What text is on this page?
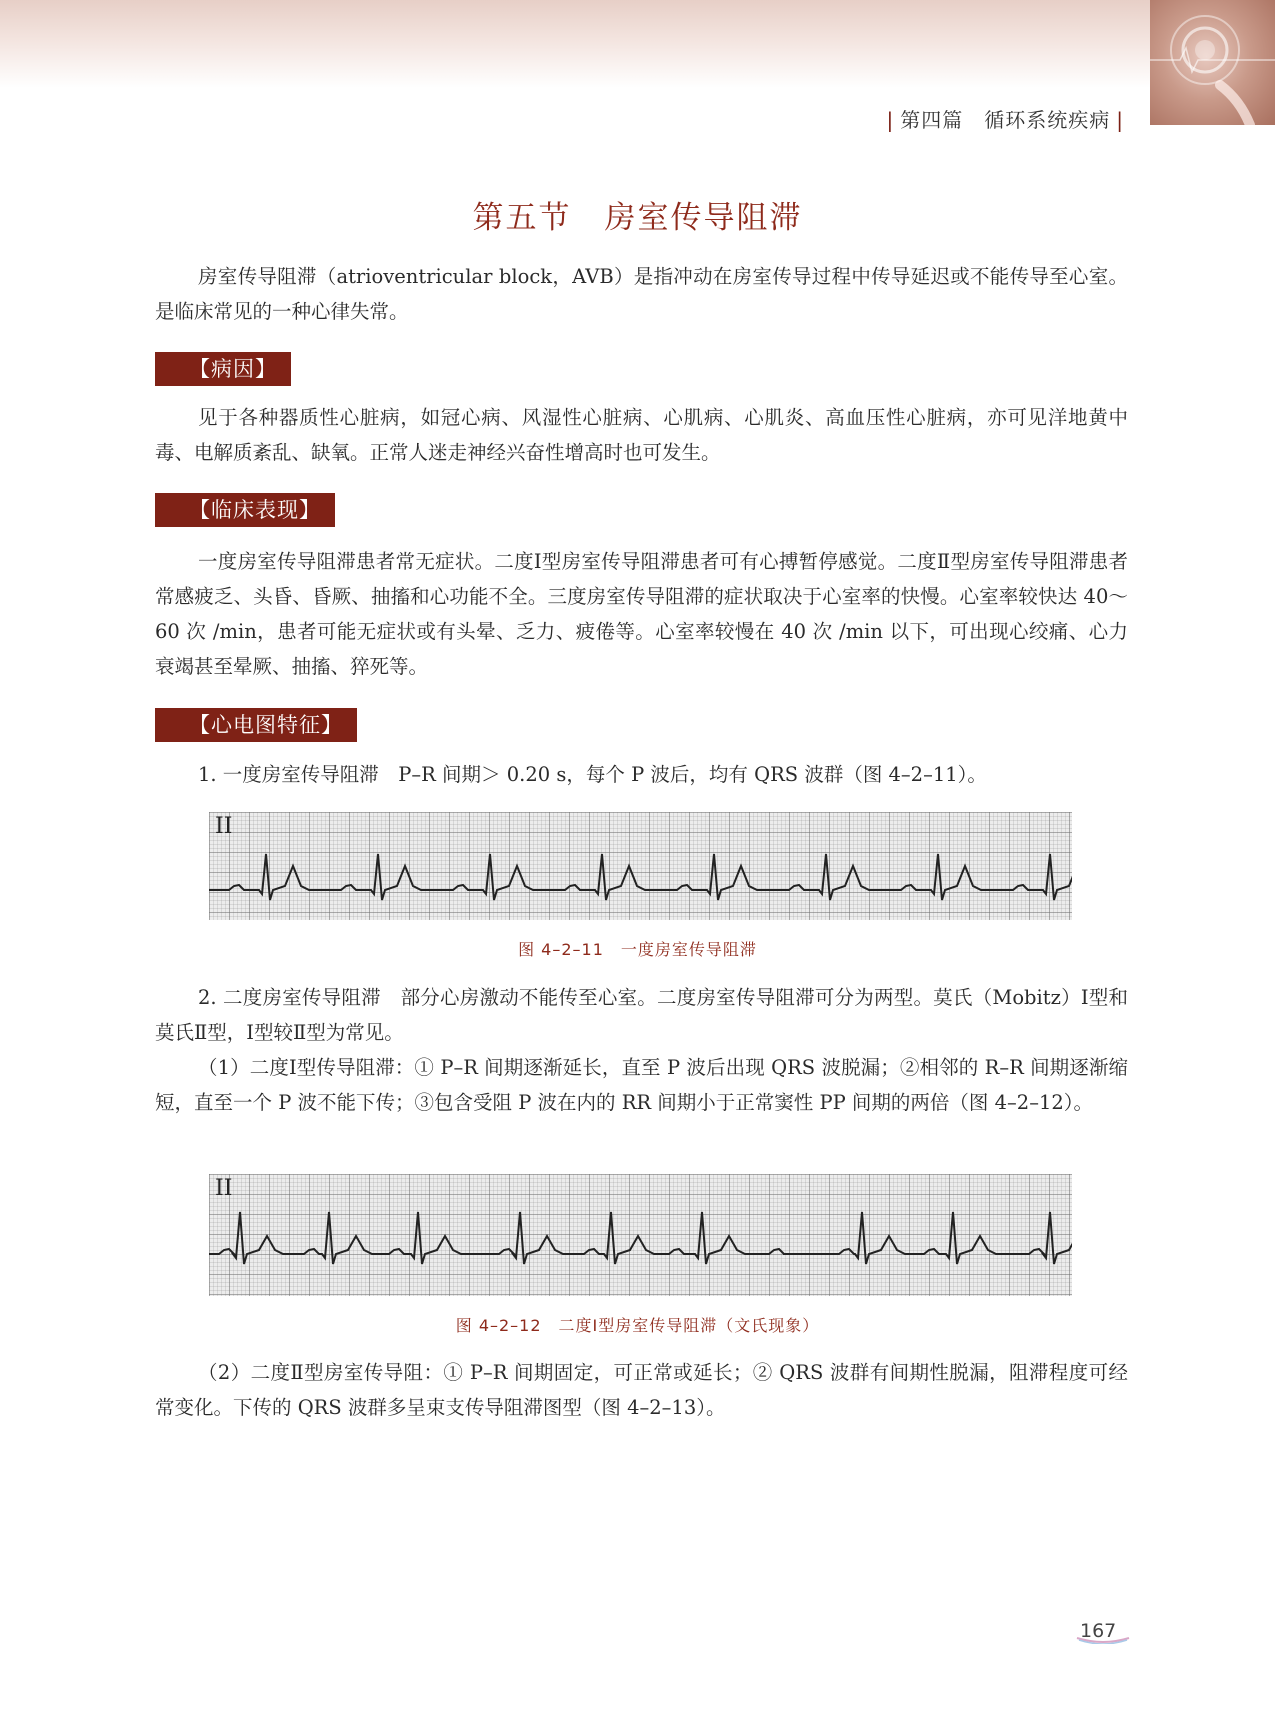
| 第四篇　 循环系统疾病 |
第五节　房室传导阻滞
房室传导阻滞（atrioventricular block，AVB）是指冲动在房室传导过程中传导延迟或不能传导至心室。是临床常见的一种心律失常。
【病因】
见于各种器质性心脏病，如冠心病、风湿性心脏病、心肌病、心肌炎、高血压性心脏病，亦可见洋地黄中毒、电解质紊乱、缺氧。正常人迷走神经兴奋性增高时也可发生。
【临床表现】
一度房室传导阻滞患者常无症状。二度Ⅰ型房室传导阻滞患者可有心搏暂停感觉。二度Ⅱ型房室传导阻滞患者常感疲乏、头昏、昏厥、抽搐和心功能不全。三度房室传导阻滞的症状取决于心室率的快慢。心室率较快达 40～60 次 /min，患者可能无症状或有头晕、乏力、疲倦等。心室率较慢在 40 次 /min 以下，可出现心绞痛、心力衰竭甚至晕厥、抽搐、猝死等。
【心电图特征】
1. 一度房室传导阻滞　P–R 间期＞ 0.20 s，每个 P 波后，均有 QRS 波群（图 4–2–11）。
II
图 4–2–11　一度房室传导阻滞
2. 二度房室传导阻滞　部分心房激动不能传至心室。二度房室传导阻滞可分为两型。莫氏（Mobitz）Ⅰ型和莫氏Ⅱ型，Ⅰ型较Ⅱ型为常见。
（1）二度Ⅰ型传导阻滞：① P–R 间期逐渐延长，直至 P 波后出现 QRS 波脱漏；②相邻的 R–R 间期逐渐缩短，直至一个 P 波不能下传；③包含受阻 P 波在内的 RR 间期小于正常窦性 PP 间期的两倍（图 4–2–12）。
II
图 4–2–12　二度Ⅰ型房室传导阻滞（文氏现象）
（2）二度Ⅱ型房室传导阻：① P–R 间期固定，可正常或延长；② QRS 波群有间期性脱漏，阻滞程度可经常变化。下传的 QRS 波群多呈束支传导阻滞图型（图 4–2–13）。
167
